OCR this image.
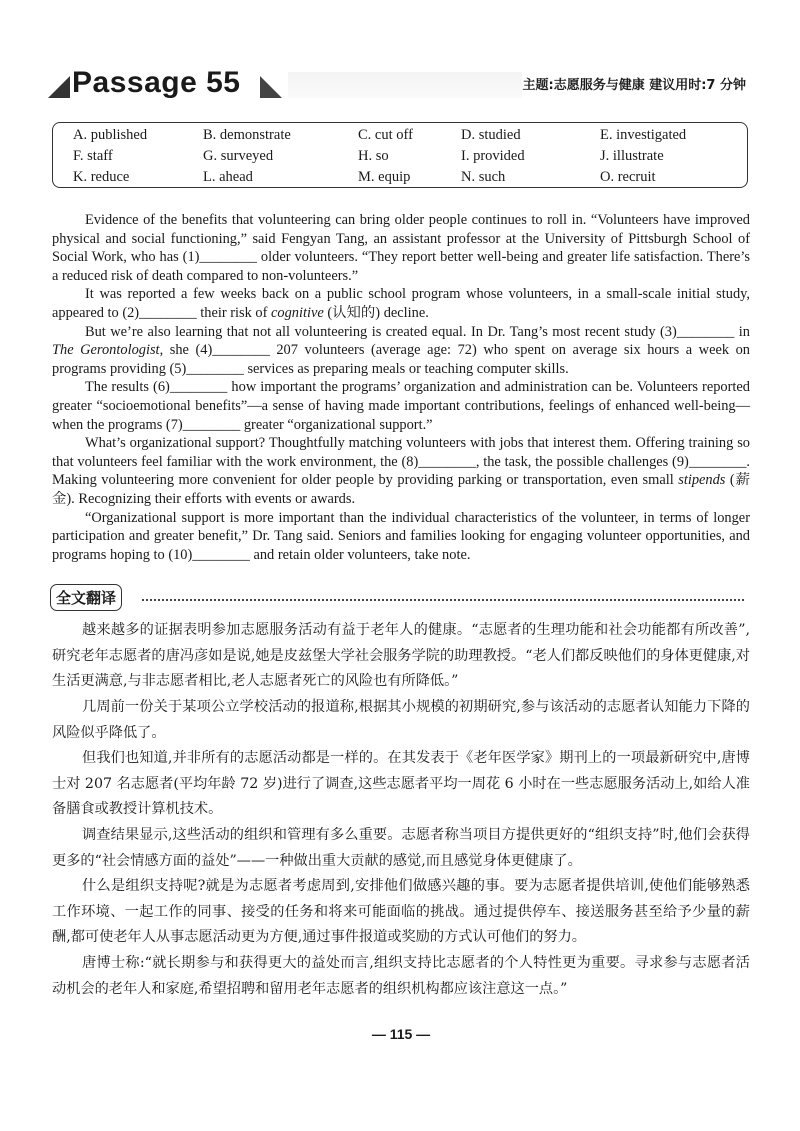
Passage 55	主题:志愿服务与健康 建议用时:7 分钟
A. published	B. demonstrate	C. cut off	D. studied	E. investigated
F. staff	G. surveyed	H. so	I. provided	J. illustrate
K. reduce	L. ahead	M. equip	N. such	O. recruit

Evidence of the benefits that volunteering can bring older people continues to roll in. “Volunteers have improved physical and social functioning,” said Fengyan Tang, an assistant professor at the University of Pittsburgh School of Social Work, who has (1)________ older volunteers. “They report better well-being and greater life satisfaction. There’s a reduced risk of death compared to non-volunteers.”

It was reported a few weeks back on a public school program whose volunteers, in a small-scale initial study, appeared to (2)________ their risk of cognitive (认知的) decline.

But we’re also learning that not all volunteering is created equal. In Dr. Tang’s most recent study (3)________ in The Gerontologist, she (4)________ 207 volunteers (average age: 72) who spent on average six hours a week on programs providing (5)________ services as preparing meals or teaching computer skills.

The results (6)________ how important the programs’ organization and administration can be. Volunteers reported greater “socioemotional benefits”—a sense of having made important contributions, feelings of enhanced well-being—when the programs (7)________ greater “organizational support.”

What’s organizational support? Thoughtfully matching volunteers with jobs that interest them. Offering training so that volunteers feel familiar with the work environment, the (8)________, the task, the possible challenges (9)________. Making volunteering more convenient for older people by providing parking or transportation, even small stipends (薪金). Recognizing their efforts with events or awards.

“Organizational support is more important than the individual characteristics of the volunteer, in terms of longer participation and greater benefit,” Dr. Tang said. Seniors and families looking for engaging volunteer opportunities, and programs hoping to (10)________ and retain older volunteers, take note.

全文翻译

越来越多的证据表明参加志愿服务活动有益于老年人的健康。“志愿者的生理功能和社会功能都有所改善”,研究老年志愿者的唐冯彦如是说,她是皮兹堡大学社会服务学院的助理教授。“老人们都反映他们的身体更健康,对生活更满意,与非志愿者相比,老人志愿者死亡的风险也有所降低。”

几周前一份关于某项公立学校活动的报道称,根据其小规模的初期研究,参与该活动的志愿者认知能力下降的风险似乎降低了。

但我们也知道,并非所有的志愿活动都是一样的。在其发表于《老年医学家》期刊上的一项最新研究中,唐博士对 207 名志愿者(平均年龄 72 岁)进行了调查,这些志愿者平均一周花 6 小时在一些志愿服务活动上,如给人准备膳食或教授计算机技术。

调查结果显示,这些活动的组织和管理有多么重要。志愿者称当项目方提供更好的“组织支持”时,他们会获得更多的“社会情感方面的益处”——一种做出重大贡献的感觉,而且感觉身体更健康了。

什么是组织支持呢?就是为志愿者考虑周到,安排他们做感兴趣的事。要为志愿者提供培训,使他们能够熟悉工作环境、一起工作的同事、接受的任务和将来可能面临的挑战。通过提供停车、接送服务甚至给予少量的薪酬,都可使老年人从事志愿活动更为方便,通过事件报道或奖励的方式认可他们的努力。

唐博士称:“就长期参与和获得更大的益处而言,组织支持比志愿者的个人特性更为重要。寻求参与志愿者活动机会的老年人和家庭,希望招聘和留用老年志愿者的组织机构都应该注意这一点。”

— 115 —
